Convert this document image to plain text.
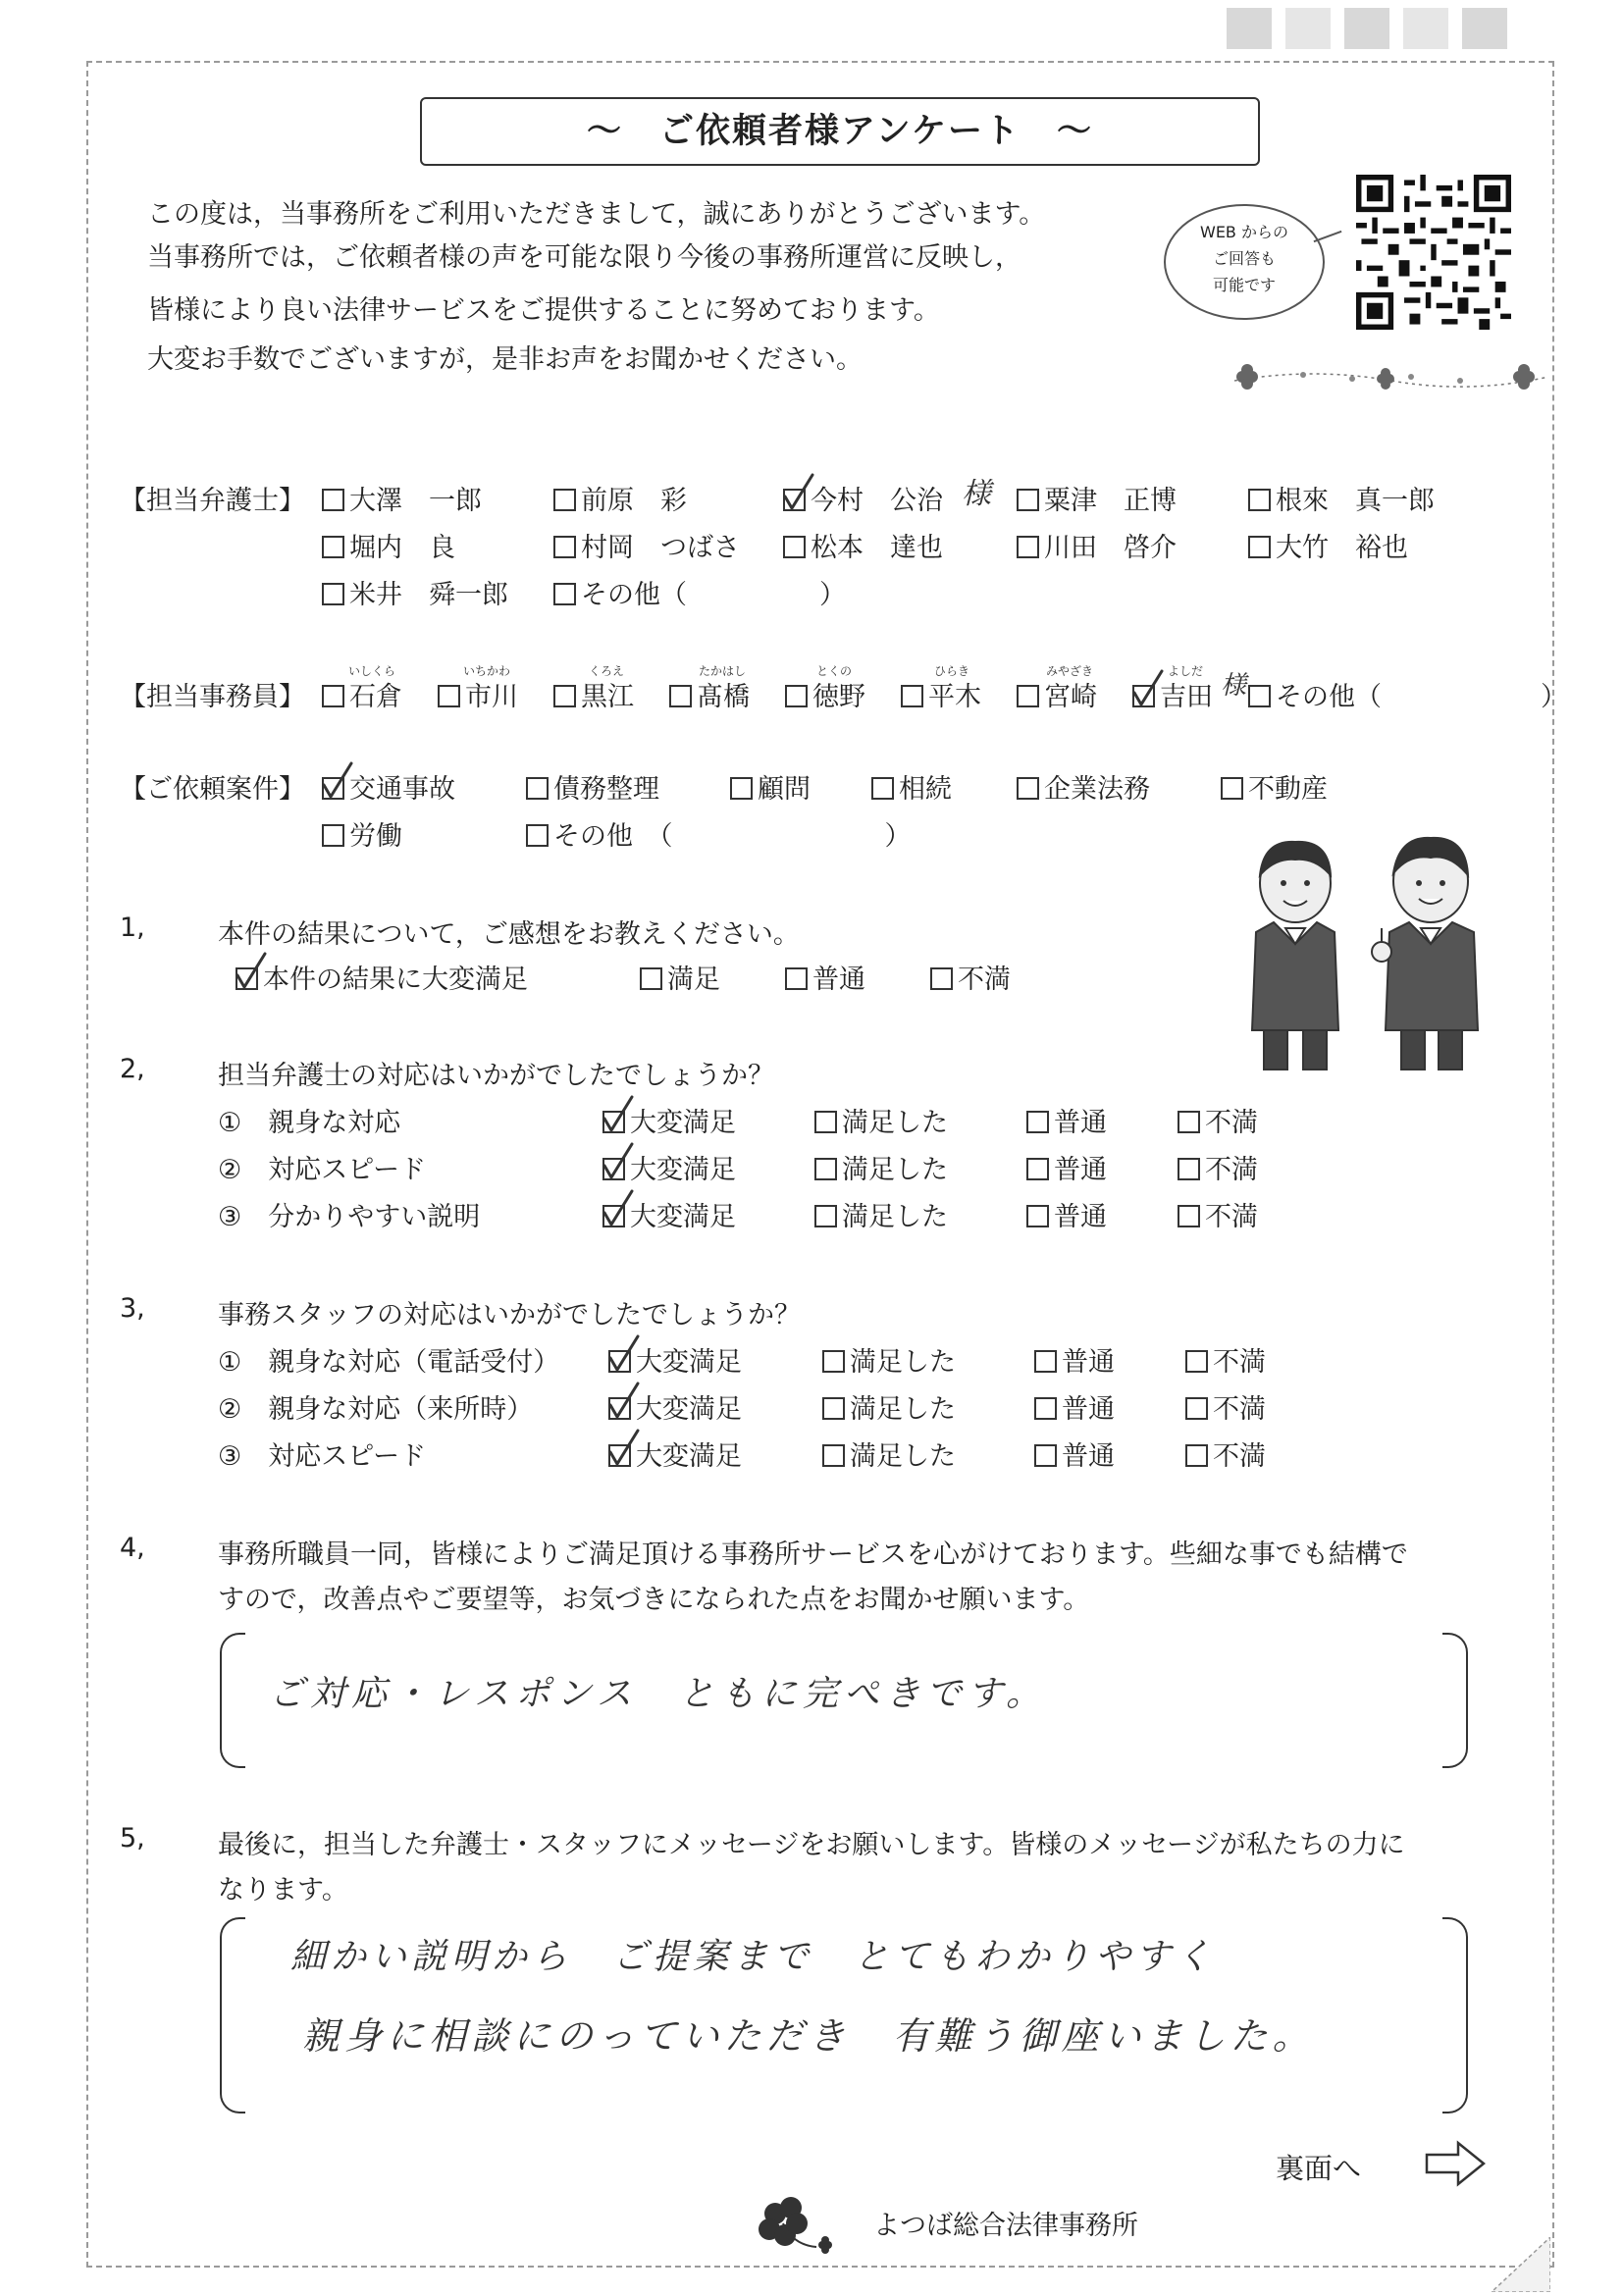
～　ご依頼者様アンケート　～
この度は，当事務所をご利用いただきまして，誠にありがとうございます。
当事務所では，ご依頼者様の声を可能な限り今後の事務所運営に反映し，
皆様により良い法律サービスをご提供することに努めております。
大変お手数でございますが，是非お声をお聞かせください。
WEB からの
ご回答も
可能です
【担当弁護士】	大澤　一郎	前原　彩	今村　公治 様	粟津　正博	根來　真一郎
堀内　良	村岡　つばさ	松本　達也	川田　啓介	大竹　裕也
米井　舜一郎	その他（　　　　　）
【担当事務員】
いしくら	いちかわ	くろえ	たかはし	とくの	ひらき	みやざき	よしだ
石倉	市川	黒江	髙橋	徳野	平木	宮崎	吉田 様	その他（　　　　　　）
【ご依頼案件】	交通事故	債務整理	顧問	相続	企業法務	不動産
労働	その他　（　　　　　　　　）
1,	本件の結果について，ご感想をお教えください。
本件の結果に大変満足	満足	普通	不満
2,	担当弁護士の対応はいかがでしたでしょうか？
①　親身な対応	大変満足	満足した	普通	不満
②　対応スピード	大変満足	満足した	普通	不満
③　分かりやすい説明	大変満足	満足した	普通	不満
3,	事務スタッフの対応はいかがでしたでしょうか？
①　親身な対応（電話受付）	大変満足	満足した	普通	不満
②　親身な対応（来所時）	大変満足	満足した	普通	不満
③　対応スピード	大変満足	満足した	普通	不満
4,	事務所職員一同，皆様によりご満足頂ける事務所サービスを心がけております。些細な事でも結構で
すので，改善点やご要望等，お気づきになられた点をお聞かせ願います。
ご対応・レスポンス　ともに完ぺきです。
5,	最後に，担当した弁護士・スタッフにメッセージをお願いします。皆様のメッセージが私たちの力に
なります。
細かい説明から　ご提案まで　とてもわかりやすく
親身に相談にのっていただき　有難う御座いました。
裏面へ
よつば総合法律事務所
